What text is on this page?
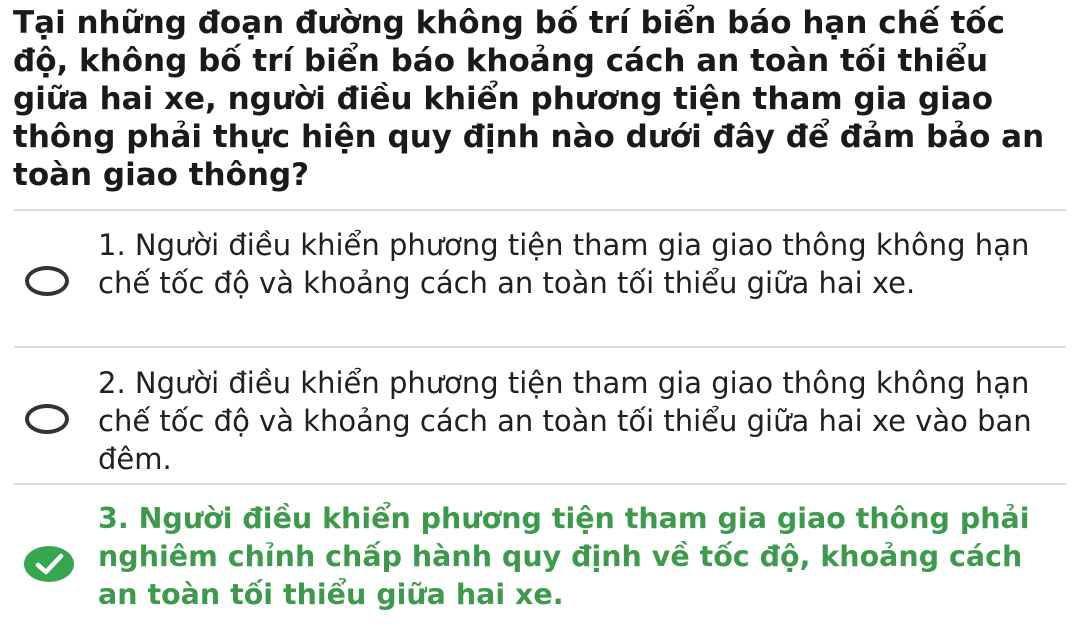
Tại những đoạn đường không bố trí biển báo hạn chế tốc độ, không bố trí biển báo khoảng cách an toàn tối thiểu giữa hai xe, người điều khiển phương tiện tham gia giao thông phải thực hiện quy định nào dưới đây để đảm bảo an toàn giao thông?

1. Người điều khiển phương tiện tham gia giao thông không hạn chế tốc độ và khoảng cách an toàn tối thiểu giữa hai xe.

2. Người điều khiển phương tiện tham gia giao thông không hạn chế tốc độ và khoảng cách an toàn tối thiểu giữa hai xe vào ban đêm.

3. Người điều khiển phương tiện tham gia giao thông phải nghiêm chỉnh chấp hành quy định về tốc độ, khoảng cách an toàn tối thiểu giữa hai xe.
